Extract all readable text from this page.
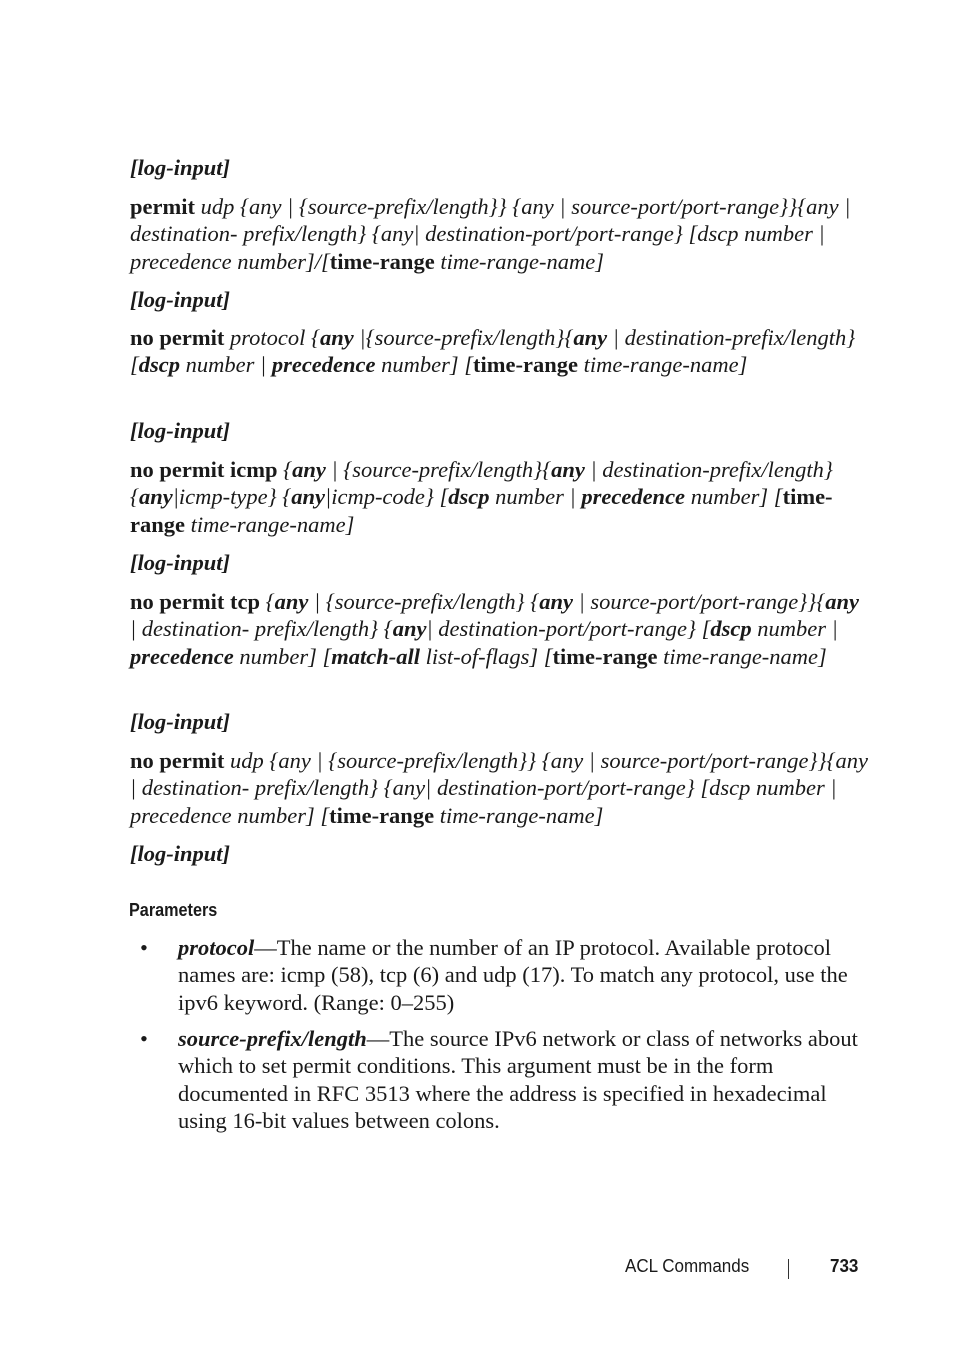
[log-input]
permit udp {any | {source-prefix/length}} {any | source-port/port-range}}{any | destination- prefix/length} {any| destination-port/port-range} [dscp number | precedence number]/[time-range time-range-name]
[log-input]
no permit protocol {any |{source-prefix/length}{any | destination-prefix/length} [dscp number | precedence number] [time-range time-range-name]
[log-input]
no permit icmp {any | {source-prefix/length}{any | destination-prefix/length} {any|icmp-type} {any|icmp-code} [dscp number | precedence number] [time-range time-range-name]
[log-input]
no permit tcp {any | {source-prefix/length} {any | source-port/port-range}}{any | destination- prefix/length} {any| destination-port/port-range} [dscp number | precedence number] [match-all list-of-flags] [time-range time-range-name]
[log-input]
no permit udp {any | {source-prefix/length}} {any | source-port/port-range}}{any | destination- prefix/length} {any| destination-port/port-range} [dscp number | precedence number] [time-range time-range-name]
[log-input]
Parameters
• protocol—The name or the number of an IP protocol. Available protocol names are: icmp (58), tcp (6) and udp (17). To match any protocol, use the ipv6 keyword. (Range: 0–255)
• source-prefix/length—The source IPv6 network or class of networks about which to set permit conditions. This argument must be in the form documented in RFC 3513 where the address is specified in hexadecimal using 16-bit values between colons.
ACL Commands	733
